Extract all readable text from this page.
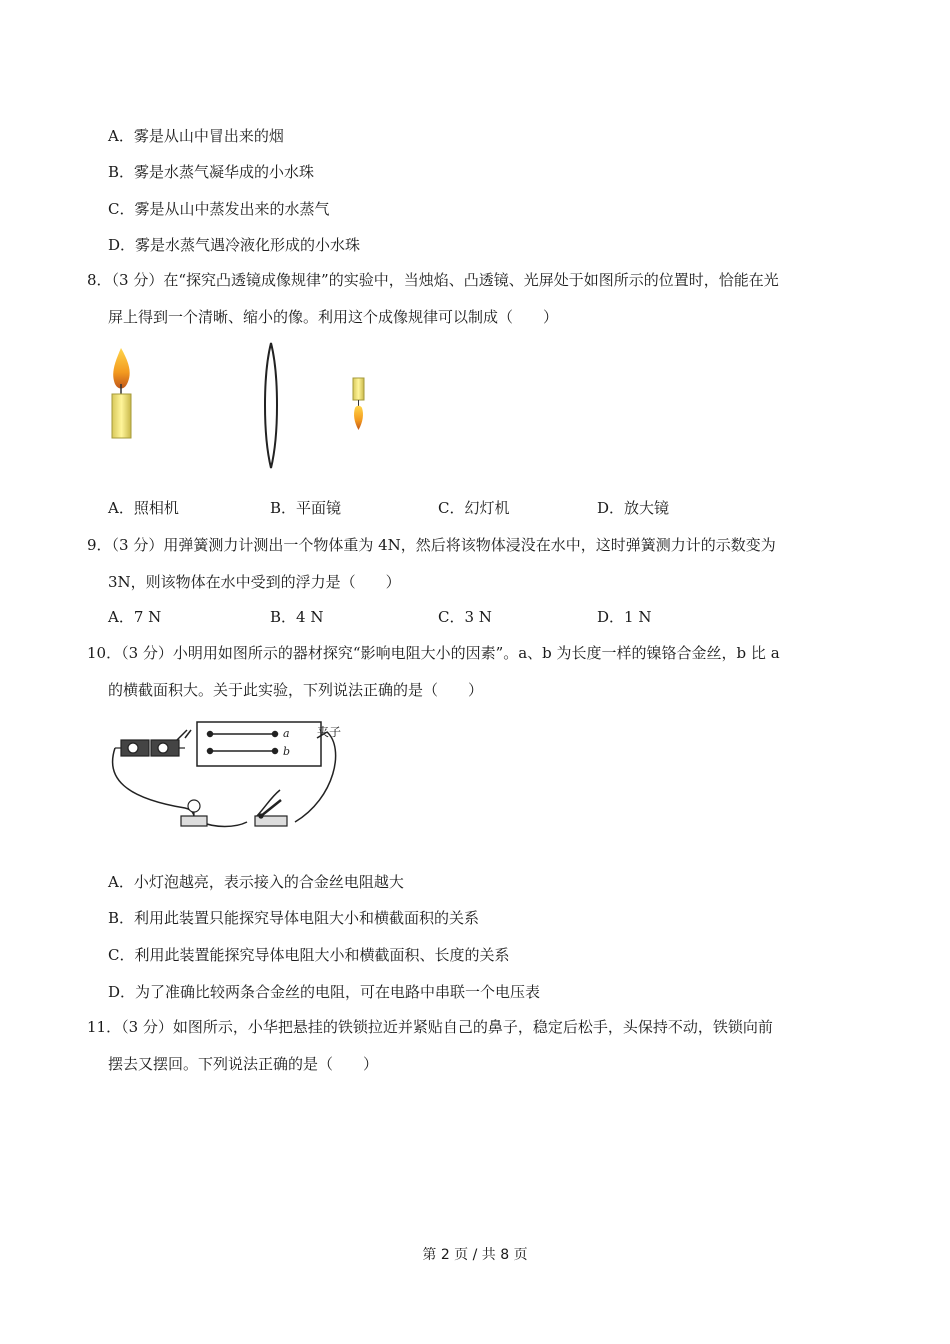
A．雾是从山中冒出来的烟
B．雾是水蒸气凝华成的小水珠
C．雾是从山中蒸发出来的水蒸气
D．雾是水蒸气遇冷液化形成的小水珠
8．（3 分）在“探究凸透镜成像规律”的实验中，当烛焰、凸透镜、光屏处于如图所示的位置时，恰能在光
屏上得到一个清晰、缩小的像。利用这个成像规律可以制成（　　）
A．照相机	B．平面镜	C．幻灯机	D．放大镜
9．（3 分）用弹簧测力计测出一个物体重为 4N，然后将该物体浸没在水中，这时弹簧测力计的示数变为
3N，则该物体在水中受到的浮力是（　　）
A．7 N	B．4 N	C．3 N	D．1 N
10．（3 分）小明用如图所示的器材探究“影响电阻大小的因素”。a、b 为长度一样的镍铬合金丝，b 比 a
的横截面积大。关于此实验，下列说法正确的是（　　）
a
b
夹子
A．小灯泡越亮，表示接入的合金丝电阻越大
B．利用此装置只能探究导体电阻大小和横截面积的关系
C．利用此装置能探究导体电阻大小和横截面积、长度的关系
D．为了准确比较两条合金丝的电阻，可在电路中串联一个电压表
11．（3 分）如图所示，小华把悬挂的铁锁拉近并紧贴自己的鼻子，稳定后松手，头保持不动，铁锁向前
摆去又摆回。下列说法正确的是（　　）
第 2 页 / 共 8 页
